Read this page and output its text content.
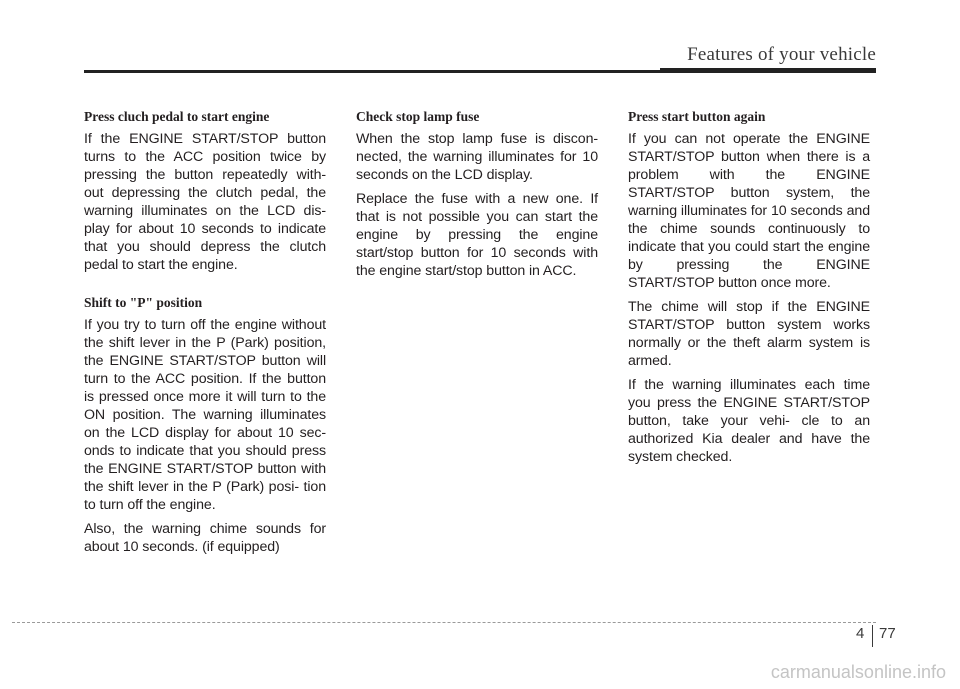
Features of your vehicle
Press cluch pedal to start engine

If the ENGINE START/STOP button turns to the ACC position twice by pressing the button repeatedly with- out depressing the clutch pedal, the warning illuminates on the LCD dis- play for about 10 seconds to indicate that you should depress the clutch pedal to start the engine.

Shift to "P" position

If you try to turn off the engine without the shift lever in the P (Park) position, the ENGINE START/STOP button will turn to the ACC position. If the button is pressed once more it will turn to the ON position. The warning illuminates on the LCD display for about 10 sec- onds to indicate that you should press the ENGINE START/STOP button with the shift lever in the P (Park) posi- tion to turn off the engine.

Also, the warning chime sounds for about 10 seconds. (if equipped)

Check stop lamp fuse

When the stop lamp fuse is discon- nected, the warning illuminates for 10 seconds on the LCD display.

Replace the fuse with a new one. If that is not possible you can start the engine by pressing the engine start/stop button for 10 seconds with the engine start/stop button in ACC.

Press start button again

If you can not operate the ENGINE START/STOP button when there is a problem with the ENGINE START/STOP button system, the warning illuminates for 10 seconds and the chime sounds continuously to indicate that you could start the engine by pressing the ENGINE START/STOP button once more.

The chime will stop if the ENGINE START/STOP button system works normally or the theft alarm system is armed.

If the warning illuminates each time you press the ENGINE START/STOP button, take your vehi- cle to an authorized Kia dealer and have the system checked.

4 77
carmanualsonline.info
